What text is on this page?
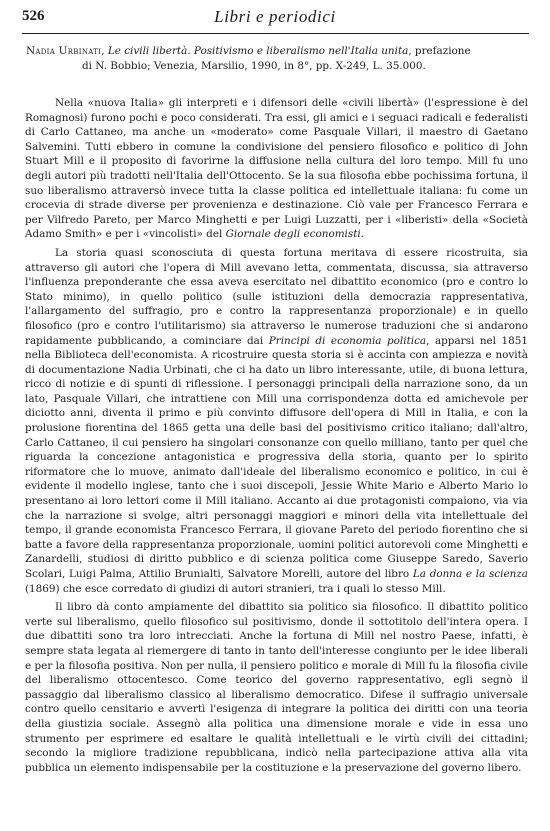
526	Libri e periodici
Nadia Urbinati, Le civili libertà. Positivismo e liberalismo nell'Italia unita, prefazione
di N. Bobbio; Venezia, Marsilio, 1990, in 8°, pp. X-249, L. 35.000.

Nella «nuova Italia» gli interpreti e i difensori delle «civili libertà» (l'espressione è del Romagnosi) furono pochi e poco considerati. Tra essi, gli amici e i seguaci radicali e federalisti di Carlo Cattaneo, ma anche un «moderato» come Pasquale Villari, il maestro di Gaetano Salvemini. Tutti ebbero in comune la condivisione del pensiero filosofico e politico di John Stuart Mill e il proposito di favorirne la diffusione nella cultura del loro tempo. Mill fu uno degli autori più tradotti nell'Italia dell'Ottocento. Se la sua filosofia ebbe pochissima fortuna, il suo liberalismo attraversò invece tutta la classe politica ed intellettuale italiana: fu come un crocevia di strade diverse per provenienza e destinazione. Ciò vale per Francesco Ferrara e per Vilfredo Pareto, per Marco Minghetti e per Luigi Luzzatti, per i «liberisti» della «Società Adamo Smith» e per i «vincolisti» del Giornale degli economisti.

La storia quasi sconosciuta di questa fortuna meritava di essere ricostruita, sia attraverso gli autori che l'opera di Mill avevano letta, commentata, discussa, sia attraverso l'influenza preponderante che essa aveva esercitato nel dibattito economico (pro e contro lo Stato minimo), in quello politico (sulle istituzioni della democrazia rappresentativa, l'allargamento del suffragio, pro e contro la rappresentanza proporzionale) e in quello filosofico (pro e contro l'utilitarismo) sia attraverso le numerose traduzioni che si andarono rapidamente pubblicando, a cominciare dai Principi di economia politica, apparsi nel 1851 nella Biblioteca dell'economista. A ricostruire questa storia si è accinta con ampiezza e novità di documentazione Nadia Urbinati, che ci ha dato un libro interessante, utile, di buona lettura, ricco di notizie e di spunti di riflessione. I personaggi principali della narrazione sono, da un lato, Pasquale Villari, che intrattiene con Mill una corrispondenza dotta ed amichevole per diciotto anni, diventa il primo e più convinto diffusore dell'opera di Mill in Italia, e con la prolusione fiorentina del 1865 getta una delle basi del positivismo critico italiano; dall'altro, Carlo Cattaneo, il cui pensiero ha singolari consonanze con quello milliano, tanto per quel che riguarda la concezione antagonistica e progressiva della storia, quanto per lo spirito riformatore che lo muove, animato dall'ideale del liberalismo economico e politico, in cui è evidente il modello inglese, tanto che i suoi discepoli, Jessie White Mario e Alberto Mario lo presentano ai loro lettori come il Mill italiano. Accanto ai due protagonisti compaiono, via via che la narrazione si svolge, altri personaggi maggiori e minori della vita intellettuale del tempo, il grande economista Francesco Ferrara, il giovane Pareto del periodo fiorentino che si batte a favore della rappresentanza proporzionale, uomini politici autorevoli come Minghetti e Zanardelli, studiosi di diritto pubblico e di scienza politica come Giuseppe Saredo, Saverio Scolari, Luigi Palma, Attilio Brunialti, Salvatore Morelli, autore del libro La donna e la scienza (1869) che esce corredato di giudizi di autori stranieri, tra i quali lo stesso Mill.

Il libro dà conto ampiamente del dibattito sia politico sia filosofico. Il dibattito politico verte sul liberalismo, quello filosofico sul positivismo, donde il sottotitolo dell'intera opera. I due dibattiti sono tra loro intrecciati. Anche la fortuna di Mill nel nostro Paese, infatti, è sempre stata legata al riemergere di tanto in tanto dell'interesse congiunto per le idee liberali e per la filosofia positiva. Non per nulla, il pensiero politico e morale di Mill fu la filosofia civile del liberalismo ottocentesco. Come teorico del governo rappresentativo, egli segnò il passaggio dal liberalismo classico al liberalismo democratico. Difese il suffragio universale contro quello censitario e avvertì l'esigenza di integrare la politica dei diritti con una teoria della giustizia sociale. Assegnò alla politica una dimensione morale e vide in essa uno strumento per esprimere ed esaltare le qualità intellettuali e le virtù civili dei cittadini; secondo la migliore tradizione repubblicana, indicò nella partecipazione attiva alla vita pubblica un elemento indispensabile per la costituzione e la preservazione del governo libero.
